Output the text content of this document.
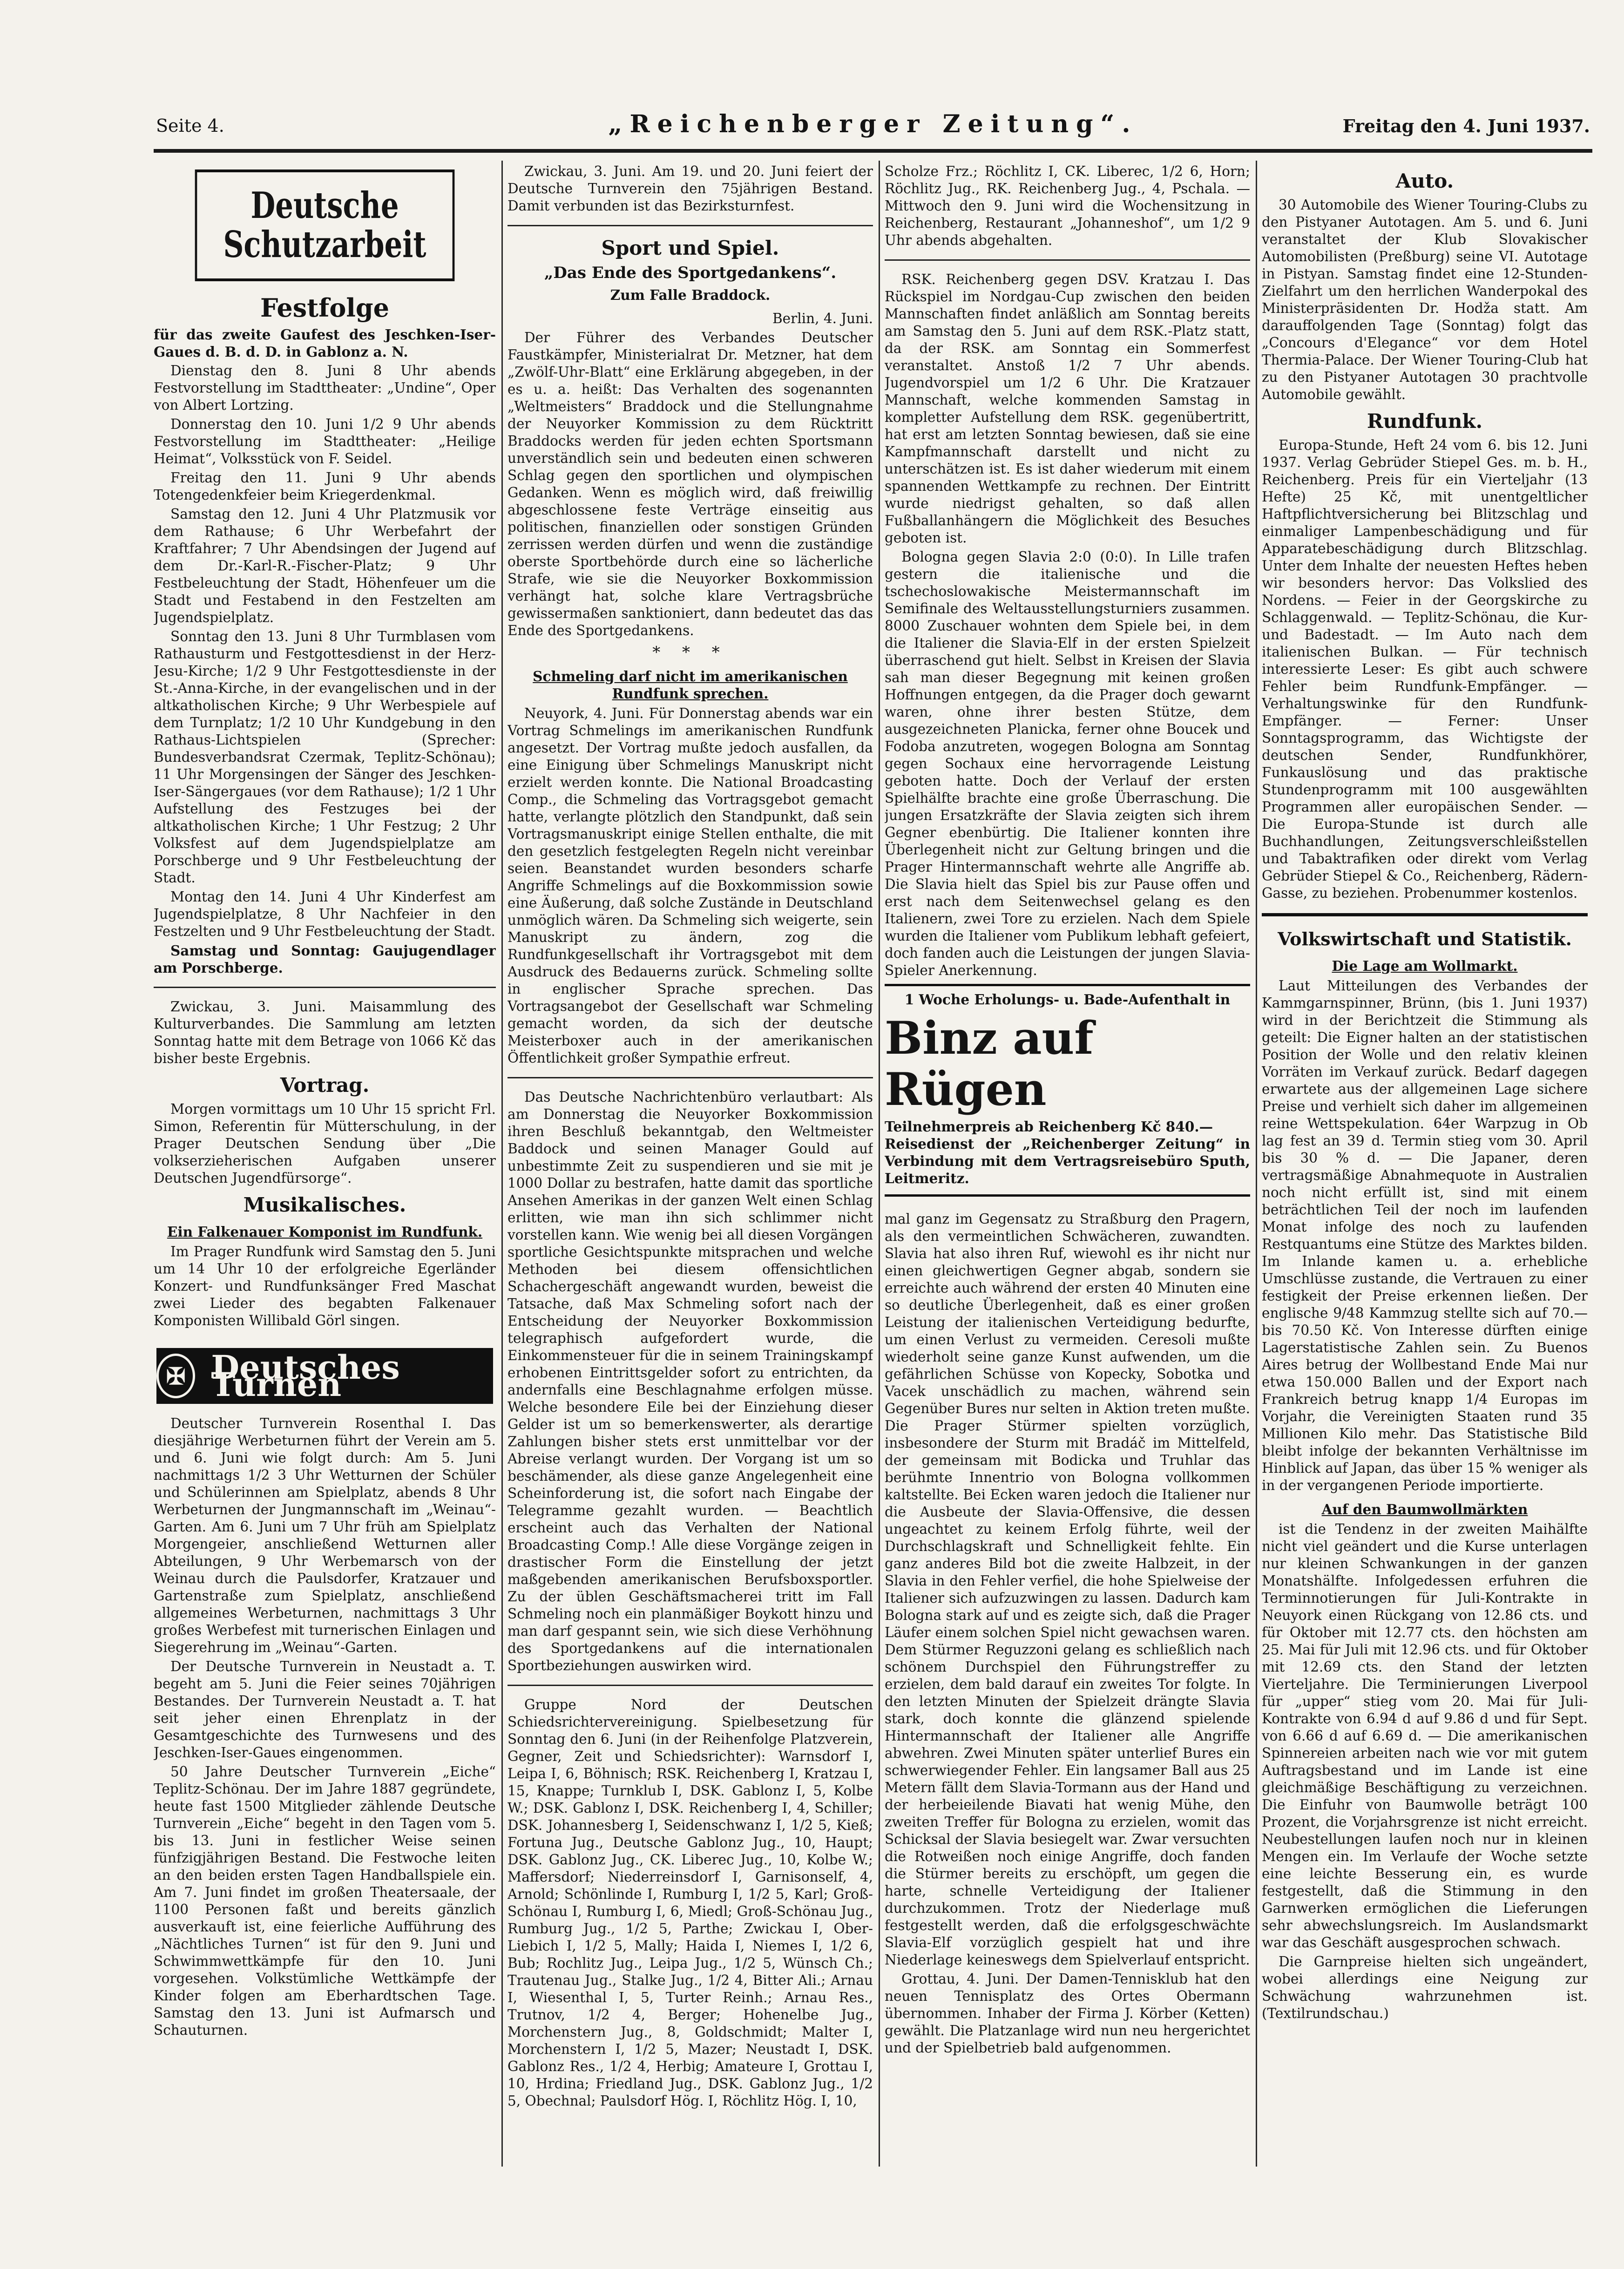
Seite 4.	„Reichenberger Zeitung“.	Freitag den 4. Juni 1937.
Deutsche Schutzarbeit
Festfolge

für das zweite Gaufest des Jeschken-Iser-Gaues d. B. d. D. in Gablonz a. N.

Dienstag den 8. Juni 8 Uhr abends Festvorstellung im Stadttheater: „Undine“, Oper von Albert Lortzing.

Donnerstag den 10. Juni 1/2 9 Uhr abends Festvorstellung im Stadttheater: „Heilige Heimat“, Volksstück von F. Seidel.

Freitag den 11. Juni 9 Uhr abends Totengedenkfeier beim Kriegerdenkmal.

Samstag den 12. Juni 4 Uhr Platzmusik vor dem Rathause; 6 Uhr Werbefahrt der Kraftfahrer; 7 Uhr Abendsingen der Jugend auf dem Dr.-Karl-R.-Fischer-Platz; 9 Uhr Festbeleuchtung der Stadt, Höhenfeuer um die Stadt und Festabend in den Festzelten am Jugendspielplatz.

Sonntag den 13. Juni 8 Uhr Turmblasen vom Rathausturm und Festgottesdienst in der Herz-Jesu-Kirche; 1/2 9 Uhr Festgottesdienste in der St.-Anna-Kirche, in der evangelischen und in der altkatholischen Kirche; 9 Uhr Werbespiele auf dem Turnplatz; 1/2 10 Uhr Kundgebung in den Rathaus-Lichtspielen (Sprecher: Bundesverbandsrat Czermak, Teplitz-Schönau); 11 Uhr Morgensingen der Sänger des Jeschken-Iser-Sängergaues (vor dem Rathause); 1/2 1 Uhr Aufstellung des Festzuges bei der altkatholischen Kirche; 1 Uhr Festzug; 2 Uhr Volksfest auf dem Jugendspielplatze am Porschberge und 9 Uhr Festbeleuchtung der Stadt.

Montag den 14. Juni 4 Uhr Kinderfest am Jugendspielplatze, 8 Uhr Nachfeier in den Festzelten und 9 Uhr Festbeleuchtung der Stadt.

Samstag und Sonntag: Gaujugendlager am Porschberge.

Zwickau, 3. Juni. Maisammlung des Kulturverbandes. Die Sammlung am letzten Sonntag hatte mit dem Betrage von 1066 Kč das bisher beste Ergebnis.

Vortrag.

Morgen vormittags um 10 Uhr 15 spricht Frl. Simon, Referentin für Mütterschulung, in der Prager Deutschen Sendung über „Die volkserzieherischen Aufgaben unserer Deutschen Jugendfürsorge“.

Musikalisches.
Ein Falkenauer Komponist im Rundfunk.

Im Prager Rundfunk wird Samstag den 5. Juni um 14 Uhr 10 der erfolgreiche Egerländer Konzert- und Rundfunksänger Fred Maschat zwei Lieder des begabten Falkenauer Komponisten Willibald Görl singen.

✠ Deutsches Turnen

Deutscher Turnverein Rosenthal I. Das diesjährige Werbeturnen führt der Verein am 5. und 6. Juni wie folgt durch: Am 5. Juni nachmittags 1/2 3 Uhr Wetturnen der Schüler und Schülerinnen am Spielplatz, abends 8 Uhr Werbeturnen der Jungmannschaft im „Weinau“-Garten. Am 6. Juni um 7 Uhr früh am Spielplatz Morgengeier, anschließend Wetturnen aller Abteilungen, 9 Uhr Werbemarsch von der Weinau durch die Paulsdorfer, Kratzauer und Gartenstraße zum Spielplatz, anschließend allgemeines Werbeturnen, nachmittags 3 Uhr großes Werbefest mit turnerischen Einlagen und Siegerehrung im „Weinau“-Garten.

Der Deutsche Turnverein in Neustadt a. T. begeht am 5. Juni die Feier seines 70jährigen Bestandes. Der Turnverein Neustadt a. T. hat seit jeher einen Ehrenplatz in der Gesamtgeschichte des Turnwesens und des Jeschken-Iser-Gaues eingenommen.

50 Jahre Deutscher Turnverein „Eiche“ Teplitz-Schönau. Der im Jahre 1887 gegründete, heute fast 1500 Mitglieder zählende Deutsche Turnverein „Eiche“ begeht in den Tagen vom 5. bis 13. Juni in festlicher Weise seinen fünfzigjährigen Bestand. Die Festwoche leiten an den beiden ersten Tagen Handballspiele ein. Am 7. Juni findet im großen Theatersaale, der 1100 Personen faßt und bereits gänzlich ausverkauft ist, eine feierliche Aufführung des „Nächtliches Turnen“ ist für den 9. Juni und Schwimmwettkämpfe für den 10. Juni vorgesehen. Volkstümliche Wettkämpfe der Kinder folgen am Eberhardtschen Tage. Samstag den 13. Juni ist Aufmarsch und Schauturnen.

Zwickau, 3. Juni. Am 19. und 20. Juni feiert der Deutsche Turnverein den 75jährigen Bestand. Damit verbunden ist das Bezirksturnfest.

Sport und Spiel.
„Das Ende des Sportgedankens“.
Zum Falle Braddock.

Berlin, 4. Juni.

Der Führer des Verbandes Deutscher Faustkämpfer, Ministerialrat Dr. Metzner, hat dem „Zwölf-Uhr-Blatt“ eine Erklärung abgegeben, in der es u. a. heißt: Das Verhalten des sogenannten „Weltmeisters“ Braddock und die Stellungnahme der Neuyorker Kommission zu dem Rücktritt Braddocks werden für jeden echten Sportsmann unverständlich sein und bedeuten einen schweren Schlag gegen den sportlichen und olympischen Gedanken. Wenn es möglich wird, daß freiwillig abgeschlossene feste Verträge einseitig aus politischen, finanziellen oder sonstigen Gründen zerrissen werden dürfen und wenn die zuständige oberste Sportbehörde durch eine so lächerliche Strafe, wie sie die Neuyorker Boxkommission verhängt hat, solche klare Vertragsbrüche gewissermaßen sanktioniert, dann bedeutet das das Ende des Sportgedankens.

* * *
Schmeling darf nicht im amerikanischen Rundfunk sprechen.

Neuyork, 4. Juni. Für Donnerstag abends war ein Vortrag Schmelings im amerikanischen Rundfunk angesetzt. Der Vortrag mußte jedoch ausfallen, da eine Einigung über Schmelings Manuskript nicht erzielt werden konnte. Die National Broadcasting Comp., die Schmeling das Vortragsgebot gemacht hatte, verlangte plötzlich den Standpunkt, daß sein Vortragsmanuskript einige Stellen enthalte, die mit den gesetzlich festgelegten Regeln nicht vereinbar seien. Beanstandet wurden besonders scharfe Angriffe Schmelings auf die Boxkommission sowie eine Äußerung, daß solche Zustände in Deutschland unmöglich wären. Da Schmeling sich weigerte, sein Manuskript zu ändern, zog die Rundfunkgesellschaft ihr Vortragsgebot mit dem Ausdruck des Bedauerns zurück. Schmeling sollte in englischer Sprache sprechen. Das Vortragsangebot der Gesellschaft war Schmeling gemacht worden, da sich der deutsche Meisterboxer auch in der amerikanischen Öffentlichkeit großer Sympathie erfreut.

Das Deutsche Nachrichtenbüro verlautbart: Als am Donnerstag die Neuyorker Boxkommission ihren Beschluß bekanntgab, den Weltmeister Baddock und seinen Manager Gould auf unbestimmte Zeit zu suspendieren und sie mit je 1000 Dollar zu bestrafen, hatte damit das sportliche Ansehen Amerikas in der ganzen Welt einen Schlag erlitten, wie man ihn sich schlimmer nicht vorstellen kann. Wie wenig bei all diesen Vorgängen sportliche Gesichtspunkte mitsprachen und welche Methoden bei diesem offensichtlichen Schachergeschäft angewandt wurden, beweist die Tatsache, daß Max Schmeling sofort nach der Entscheidung der Neuyorker Boxkommission telegraphisch aufgefordert wurde, die Einkommensteuer für die in seinem Trainingskampf erhobenen Eintrittsgelder sofort zu entrichten, da andernfalls eine Beschlagnahme erfolgen müsse. Welche besondere Eile bei der Einziehung dieser Gelder ist um so bemerkenswerter, als derartige Zahlungen bisher stets erst unmittelbar vor der Abreise verlangt wurden. Der Vorgang ist um so beschämender, als diese ganze Angelegenheit eine Scheinforderung ist, die sofort nach Eingabe der Telegramme gezahlt wurden. — Beachtlich erscheint auch das Verhalten der National Broadcasting Comp.! Alle diese Vorgänge zeigen in drastischer Form die Einstellung der jetzt maßgebenden amerikanischen Berufsboxsportler. Zu der üblen Geschäftsmacherei tritt im Fall Schmeling noch ein planmäßiger Boykott hinzu und man darf gespannt sein, wie sich diese Verhöhnung des Sportgedankens auf die internationalen Sportbeziehungen auswirken wird.

Gruppe Nord der Deutschen Schiedsrichtervereinigung. Spielbesetzung für Sonntag den 6. Juni (in der Reihenfolge Platzverein, Gegner, Zeit und Schiedsrichter): Warnsdorf I, Leipa I, 6, Böhnisch; RSK. Reichenberg I, Kratzau I, 15, Knappe; Turnklub I, DSK. Gablonz I, 5, Kolbe W.; DSK. Gablonz I, DSK. Reichenberg I, 4, Schiller; DSK. Johannesberg I, Seidenschwanz I, 1/2 5, Kieß; Fortuna Jug., Deutsche Gablonz Jug., 10, Haupt; DSK. Gablonz Jug., CK. Liberec Jug., 10, Kolbe W.; Maffersdorf; Niederreinsdorf I, Garnisonself, 4, Arnold; Schönlinde I, Rumburg I, 1/2 5, Karl; Groß-Schönau I, Rumburg I, 6, Miedl; Groß-Schönau Jug., Rumburg Jug., 1/2 5, Parthe; Zwickau I, Ober-Liebich I, 1/2 5, Mally; Haida I, Niemes I, 1/2 6, Bub; Rochlitz Jug., Leipa Jug., 1/2 5, Wünsch Ch.; Trautenau Jug., Stalke Jug., 1/2 4, Bitter Ali.; Arnau I, Wiesenthal I, 5, Turter Reinh.; Arnau Res., Trutnov, 1/2 4, Berger; Hohenelbe Jug., Morchenstern Jug., 8, Goldschmidt; Malter I, Morchenstern I, 1/2 5, Mazer; Neustadt I, DSK. Gablonz Res., 1/2 4, Herbig; Amateure I, Grottau I, 10, Hrdina; Friedland Jug., DSK. Gablonz Jug., 1/2 5, Obechnal; Paulsdorf Hög. I, Röchlitz Hög. I, 10,

Scholze Frz.; Röchlitz I, CK. Liberec, 1/2 6, Horn; Röchlitz Jug., RK. Reichenberg Jug., 4, Pschala. — Mittwoch den 9. Juni wird die Wochensitzung in Reichenberg, Restaurant „Johanneshof“, um 1/2 9 Uhr abends abgehalten.

RSK. Reichenberg gegen DSV. Kratzau I. Das Rückspiel im Nordgau-Cup zwischen den beiden Mannschaften findet anläßlich am Sonntag bereits am Samstag den 5. Juni auf dem RSK.-Platz statt, da der RSK. am Sonntag ein Sommerfest veranstaltet. Anstoß 1/2 7 Uhr abends. Jugendvorspiel um 1/2 6 Uhr. Die Kratzauer Mannschaft, welche kommenden Samstag in kompletter Aufstellung dem RSK. gegenübertritt, hat erst am letzten Sonntag bewiesen, daß sie eine Kampfmannschaft darstellt und nicht zu unterschätzen ist. Es ist daher wiederum mit einem spannenden Wettkampfe zu rechnen. Der Eintritt wurde niedrigst gehalten, so daß allen Fußballanhängern die Möglichkeit des Besuches geboten ist.

Bologna gegen Slavia 2:0 (0:0). In Lille trafen gestern die italienische und die tschechoslowakische Meistermannschaft im Semifinale des Weltausstellungsturniers zusammen. 8000 Zuschauer wohnten dem Spiele bei, in dem die Italiener die Slavia-Elf in der ersten Spielzeit überraschend gut hielt. Selbst in Kreisen der Slavia sah man dieser Begegnung mit keinen großen Hoffnungen entgegen, da die Prager doch gewarnt waren, ohne ihrer besten Stütze, dem ausgezeichneten Planicka, ferner ohne Boucek und Fodoba anzutreten, wogegen Bologna am Sonntag gegen Sochaux eine hervorragende Leistung geboten hatte. Doch der Verlauf der ersten Spielhälfte brachte eine große Überraschung. Die jungen Ersatzkräfte der Slavia zeigten sich ihrem Gegner ebenbürtig. Die Italiener konnten ihre Überlegenheit nicht zur Geltung bringen und die Prager Hintermannschaft wehrte alle Angriffe ab. Die Slavia hielt das Spiel bis zur Pause offen und erst nach dem Seitenwechsel gelang es den Italienern, zwei Tore zu erzielen. Nach dem Spiele wurden die Italiener vom Publikum lebhaft gefeiert, doch fanden auch die Leistungen der jungen Slavia-Spieler Anerkennung.

1 Woche Erholungs- u. Bade-Aufenthalt in
Binz auf Rügen
Teilnehmerpreis ab Reichenberg Kč 840.—
Reisedienst der „Reichenberger Zeitung“ in Verbindung mit dem Vertragsreisebüro Sputh, Leitmeritz.

mal ganz im Gegensatz zu Straßburg den Pragern, als den vermeintlichen Schwächeren, zuwandten. Slavia hat also ihren Ruf, wiewohl es ihr nicht nur einen gleichwertigen Gegner abgab, sondern sie erreichte auch während der ersten 40 Minuten eine so deutliche Überlegenheit, daß es einer großen Leistung der italienischen Verteidigung bedurfte, um einen Verlust zu vermeiden. Ceresoli mußte wiederholt seine ganze Kunst aufwenden, um die gefährlichen Schüsse von Kopecky, Sobotka und Vacek unschädlich zu machen, während sein Gegenüber Bures nur selten in Aktion treten mußte. Die Prager Stürmer spielten vorzüglich, insbesondere der Sturm mit Bradáč im Mittelfeld, der gemeinsam mit Bodicka und Truhlar das berühmte Innentrio von Bologna vollkommen kaltstellte. Bei Ecken waren jedoch die Italiener nur die Ausbeute der Slavia-Offensive, die dessen ungeachtet zu keinem Erfolg führte, weil der Durchschlagskraft und Schnelligkeit fehlte. Ein ganz anderes Bild bot die zweite Halbzeit, in der Slavia in den Fehler verfiel, die hohe Spielweise der Italiener sich aufzuzwingen zu lassen. Dadurch kam Bologna stark auf und es zeigte sich, daß die Prager Läufer einem solchen Spiel nicht gewachsen waren. Dem Stürmer Reguzzoni gelang es schließlich nach schönem Durchspiel den Führungstreffer zu erzielen, dem bald darauf ein zweites Tor folgte. In den letzten Minuten der Spielzeit drängte Slavia stark, doch konnte die glänzend spielende Hintermannschaft der Italiener alle Angriffe abwehren. Zwei Minuten später unterlief Bures ein schwerwiegender Fehler. Ein langsamer Ball aus 25 Metern fällt dem Slavia-Tormann aus der Hand und der herbeieilende Biavati hat wenig Mühe, den zweiten Treffer für Bologna zu erzielen, womit das Schicksal der Slavia besiegelt war. Zwar versuchten die Rotweißen noch einige Angriffe, doch fanden die Stürmer bereits zu erschöpft, um gegen die harte, schnelle Verteidigung der Italiener durchzukommen. Trotz der Niederlage muß festgestellt werden, daß die erfolgsgeschwächte Slavia-Elf vorzüglich gespielt hat und ihre Niederlage keineswegs dem Spielverlauf entspricht.

Grottau, 4. Juni. Der Damen-Tennisklub hat den neuen Tennisplatz des Ortes Obermann übernommen. Inhaber der Firma J. Körber (Ketten) gewählt. Die Platzanlage wird nun neu hergerichtet und der Spielbetrieb bald aufgenommen.

Auto.

30 Automobile des Wiener Touring-Clubs zu den Pistyaner Autotagen. Am 5. und 6. Juni veranstaltet der Klub Slovakischer Automobilisten (Preßburg) seine VI. Autotage in Pistyan. Samstag findet eine 12-Stunden-Zielfahrt um den herrlichen Wanderpokal des Ministerpräsidenten Dr. Hodža statt. Am darauffolgenden Tage (Sonntag) folgt das „Concours d'Elegance“ vor dem Hotel Thermia-Palace. Der Wiener Touring-Club hat zu den Pistyaner Autotagen 30 prachtvolle Automobile gewählt.

Rundfunk.

Europa-Stunde, Heft 24 vom 6. bis 12. Juni 1937. Verlag Gebrüder Stiepel Ges. m. b. H., Reichenberg. Preis für ein Vierteljahr (13 Hefte) 25 Kč, mit unentgeltlicher Haftpflichtversicherung bei Blitzschlag und einmaliger Lampenbeschädigung und für Apparatebeschädigung durch Blitzschlag. Unter dem Inhalte der neuesten Heftes heben wir besonders hervor: Das Volkslied des Nordens. — Feier in der Georgskirche zu Schlaggenwald. — Teplitz-Schönau, die Kur- und Badestadt. — Im Auto nach dem italienischen Bulkan. — Für technisch interessierte Leser: Es gibt auch schwere Fehler beim Rundfunk-Empfänger. — Verhaltungswinke für den Rundfunk-Empfänger. — Ferner: Unser Sonntagsprogramm, das Wichtigste der deutschen Sender, Rundfunkhörer, Funkauslösung und das praktische Stundenprogramm mit 100 ausgewählten Programmen aller europäischen Sender. — Die Europa-Stunde ist durch alle Buchhandlungen, Zeitungsverschleißstellen und Tabaktrafiken oder direkt vom Verlag Gebrüder Stiepel & Co., Reichenberg, Rädern-Gasse, zu beziehen. Probenummer kostenlos.

Volkswirtschaft und Statistik.
Die Lage am Wollmarkt.

Laut Mitteilungen des Verbandes der Kammgarnspinner, Brünn, (bis 1. Juni 1937) wird in der Berichtzeit die Stimmung als geteilt: Die Eigner halten an der statistischen Position der Wolle und den relativ kleinen Vorräten im Verkauf zurück. Bedarf dagegen erwartete aus der allgemeinen Lage sichere Preise und verhielt sich daher im allgemeinen reine Wettspekulation. 64er Warpzug in Ob lag fest an 39 d. Termin stieg vom 30. April bis 30 % d. — Die Japaner, deren vertragsmäßige Abnahmequote in Australien noch nicht erfüllt ist, sind mit einem beträchtlichen Teil der noch im laufenden Monat infolge des noch zu laufenden Restquantums eine Stütze des Marktes bilden. Im Inlande kamen u. a. erhebliche Umschlüsse zustande, die Vertrauen zu einer festigkeit der Preise erkennen ließen. Der englische 9/48 Kammzug stellte sich auf 70.— bis 70.50 Kč. Von Interesse dürften einige Lagerstatistische Zahlen sein. Zu Buenos Aires betrug der Wollbestand Ende Mai nur etwa 150.000 Ballen und der Export nach Frankreich betrug knapp 1/4 Europas im Vorjahr, die Vereinigten Staaten rund 35 Millionen Kilo mehr. Das Statistische Bild bleibt infolge der bekannten Verhältnisse im Hinblick auf Japan, das über 15 % weniger als in der vergangenen Periode importierte.

Auf den Baumwollmärkten

ist die Tendenz in der zweiten Maihälfte nicht viel geändert und die Kurse unterlagen nur kleinen Schwankungen in der ganzen Monatshälfte. Infolgedessen erfuhren die Terminnotierungen für Juli-Kontrakte in Neuyork einen Rückgang von 12.86 cts. und für Oktober mit 12.77 cts. den höchsten am 25. Mai für Juli mit 12.96 cts. und für Oktober mit 12.69 cts. den Stand der letzten Vierteljahre. Die Terminierungen Liverpool für „upper“ stieg vom 20. Mai für Juli-Kontrakte von 6.94 d auf 9.86 d und für Sept. von 6.66 d auf 6.69 d. — Die amerikanischen Spinnereien arbeiten nach wie vor mit gutem Auftragsbestand und im Lande ist eine gleichmäßige Beschäftigung zu verzeichnen. Die Einfuhr von Baumwolle beträgt 100 Prozent, die Vorjahrsgrenze ist nicht erreicht. Neubestellungen laufen noch nur in kleinen Mengen ein. Im Verlaufe der Woche setzte eine leichte Besserung ein, es wurde festgestellt, daß die Stimmung in den Garnwerken ermöglichen die Lieferungen sehr abwechslungsreich. Im Auslandsmarkt war das Geschäft ausgesprochen schwach.

Die Garnpreise hielten sich ungeändert, wobei allerdings eine Neigung zur Schwächung wahrzunehmen ist. (Textilrundschau.)
